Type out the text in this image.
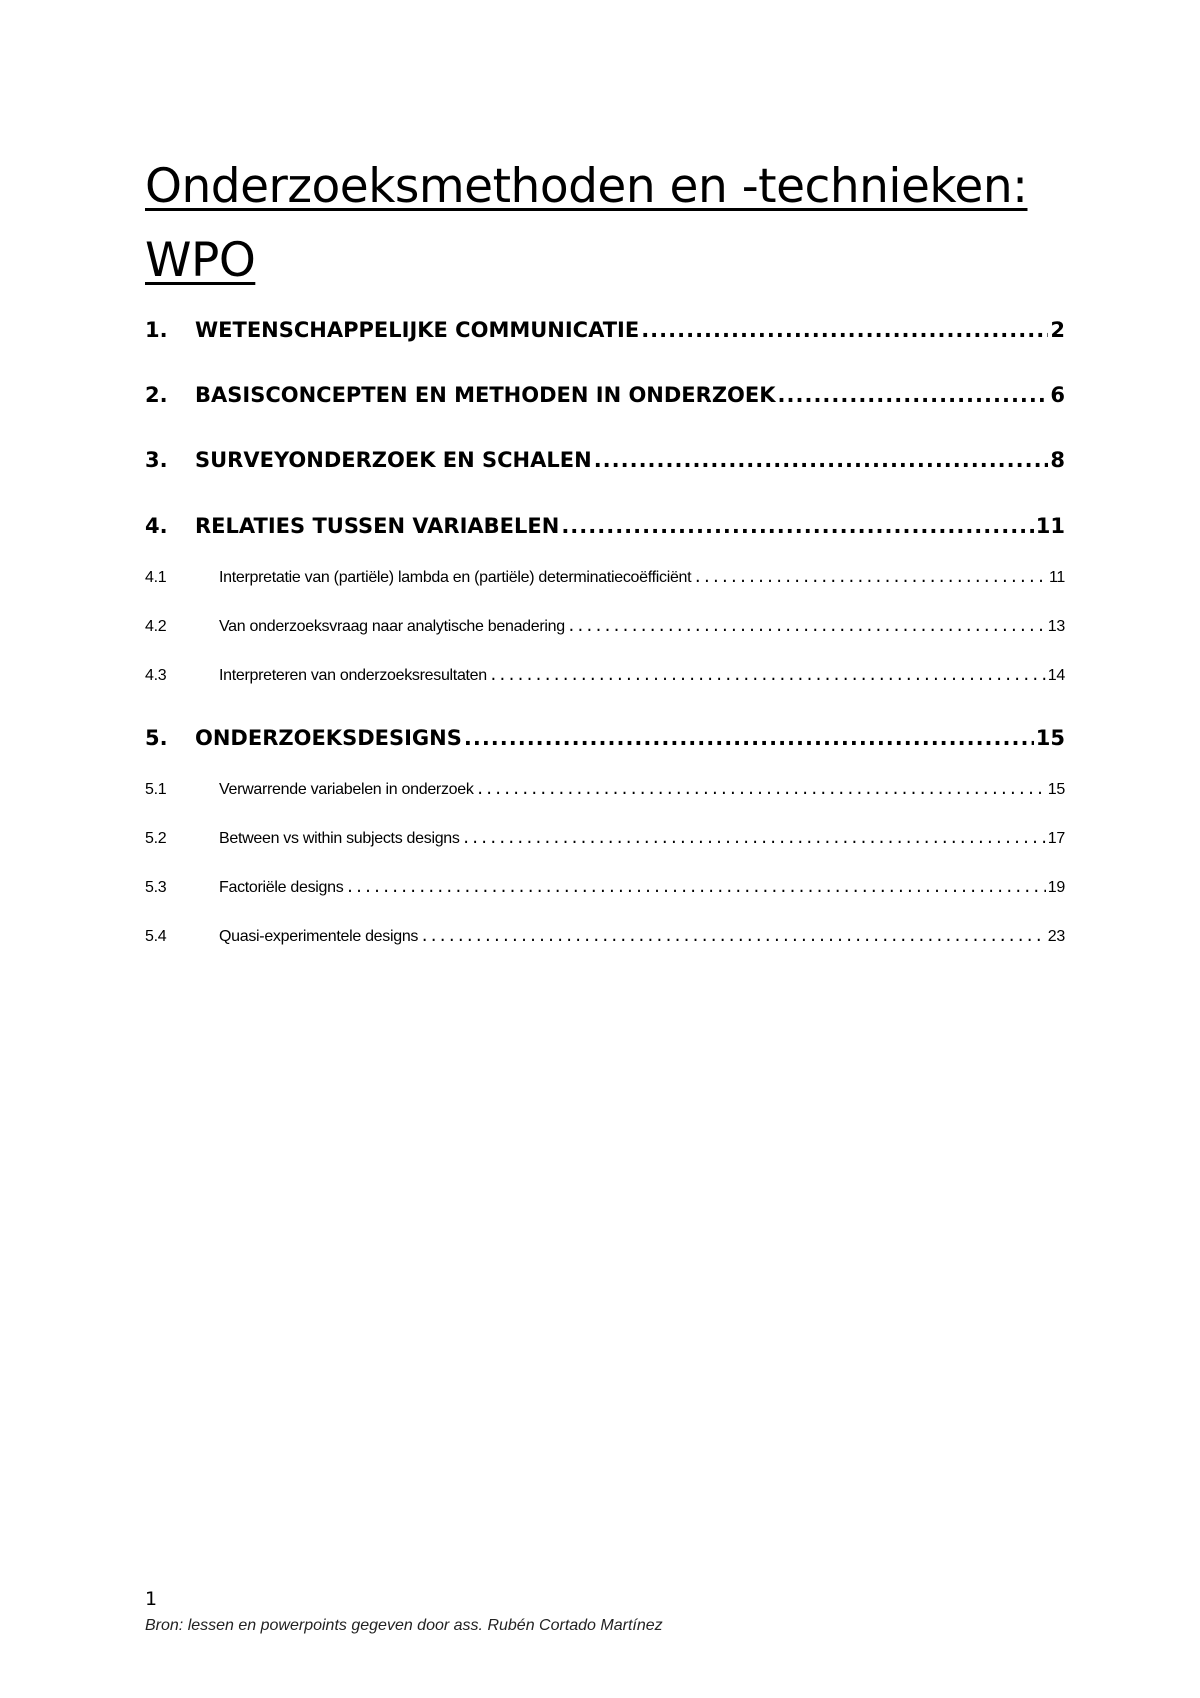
Onderzoeksmethoden en -technieken:
WPO
1.	WETENSCHAPPELIJKE COMMUNICATIE .....	2
2.	BASISCONCEPTEN EN METHODEN IN ONDERZOEK .....	6
3.	SURVEYONDERZOEK EN SCHALEN .....	8
4.	RELATIES TUSSEN VARIABELEN .....	11
4.1	Interpretatie van (partiële) lambda en (partiële) determinatiecoëfficiënt .....	11
4.2	Van onderzoeksvraag naar analytische benadering .....	13
4.3	Interpreteren van onderzoeksresultaten .....	14
5.	ONDERZOEKSDESIGNS .....	15
5.1	Verwarrende variabelen in onderzoek .....	15
5.2	Between vs within subjects designs .....	17
5.3	Factoriële designs .....	19
5.4	Quasi-experimentele designs .....	23
1
Bron: lessen en powerpoints gegeven door ass. Rubén Cortado Martínez
